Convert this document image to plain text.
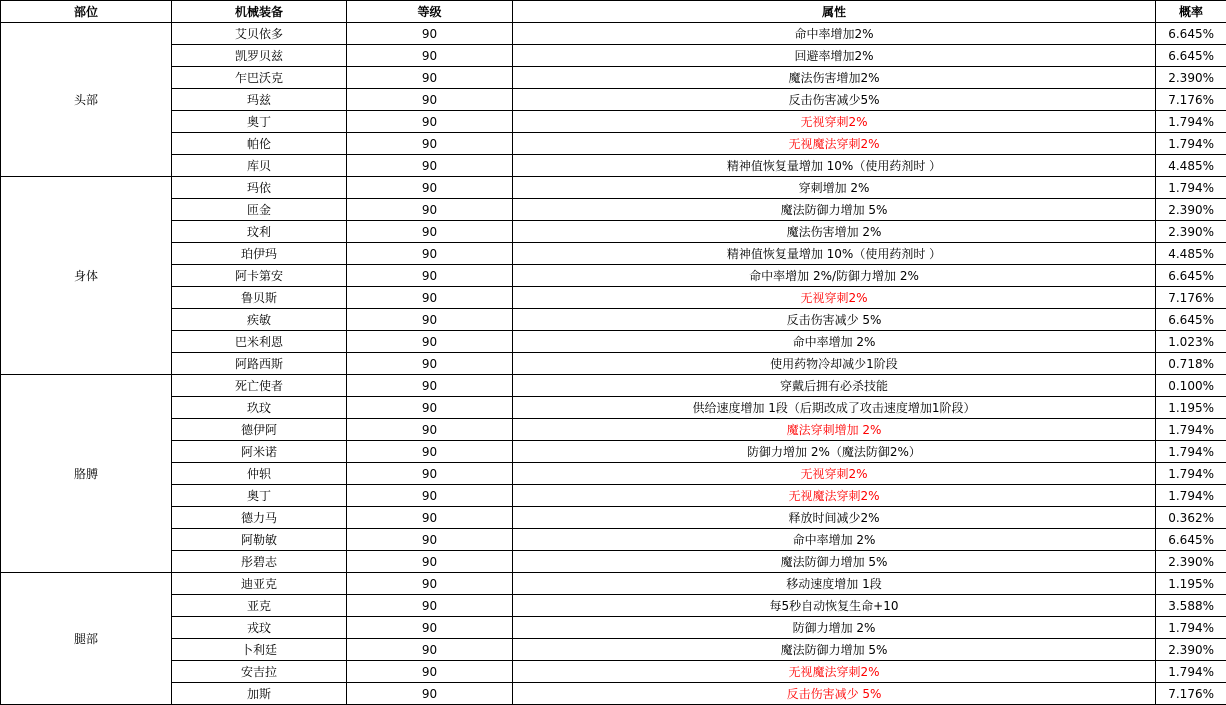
部位	机械装备	等级	属性	概率
头部	艾贝依多	90	命中率增加2%	6.645%
	凯罗贝兹	90	回避率增加2%	6.645%
	乍巴沃克	90	魔法伤害增加2%	2.390%
	玛兹	90	反击伤害减少5%	7.176%
	奥丁	90	无视穿刺2%	1.794%
	帕伦	90	无视魔法穿刺2%	1.794%
	库贝	90	精神值恢复量增加 10%（使用药剂时 ）	4.485%
身体	玛依	90	穿刺增加 2%	1.794%
	匝金	90	魔法防御力增加 5%	2.390%
	玟利	90	魔法伤害增加 2%	2.390%
	珀伊玛	90	精神值恢复量增加 10%（使用药剂时 ）	4.485%
	阿卡第安	90	命中率增加 2%/防御力增加 2%	6.645%
	鲁贝斯	90	无视穿刺2%	7.176%
	疾敏	90	反击伤害减少 5%	6.645%
	巴米利恩	90	命中率增加 2%	1.023%
	阿路西斯	90	使用药物冷却减少1阶段	0.718%
胳膊	死亡使者	90	穿戴后拥有必杀技能	0.100%
	玖玟	90	供给速度增加 1段（后期改成了攻击速度增加1阶段）	1.195%
	德伊阿	90	魔法穿刺增加 2%	1.794%
	阿米诺	90	防御力增加 2%（魔法防御2%）	1.794%
	仲轵	90	无视穿刺2%	1.794%
	奥丁	90	无视魔法穿刺2%	1.794%
	德力马	90	释放时间减少2%	0.362%
	阿勒敏	90	命中率增加 2%	6.645%
	彤碧志	90	魔法防御力增加 5%	2.390%
腿部	迪亚克	90	移动速度增加 1段	1.195%
	亚克	90	每5秒自动恢复生命+10	3.588%
	戎玟	90	防御力增加 2%	1.794%
	卜利廷	90	魔法防御力增加 5%	2.390%
	安吉拉	90	无视魔法穿刺2%	1.794%
	加斯	90	反击伤害减少 5%	7.176%
